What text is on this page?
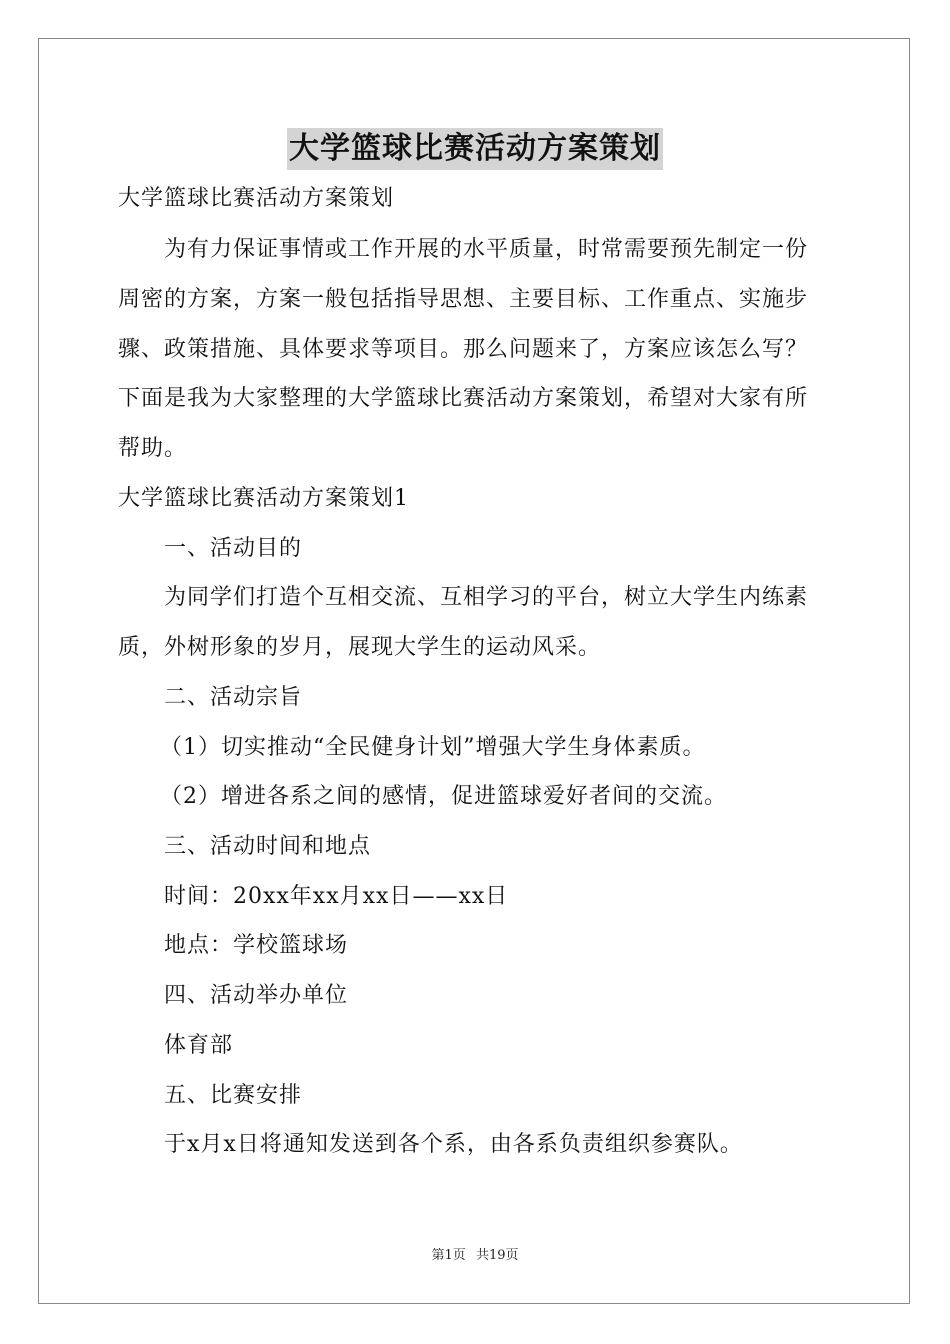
大学篮球比赛活动方案策划
大学篮球比赛活动方案策划
为有力保证事情或工作开展的水平质量，时常需要预先制定一份
周密的方案，方案一般包括指导思想、主要目标、工作重点、实施步
骤、政策措施、具体要求等项目。那么问题来了，方案应该怎么写？
下面是我为大家整理的大学篮球比赛活动方案策划，希望对大家有所
帮助。
大学篮球比赛活动方案策划1
一、活动目的
为同学们打造个互相交流、互相学习的平台，树立大学生内练素
质，外树形象的岁月，展现大学生的运动风采。
二、活动宗旨
（1）切实推动“全民健身计划”增强大学生身体素质。
（2）增进各系之间的感情，促进篮球爱好者间的交流。
三、活动时间和地点
时间：20xx年xx月xx日——xx日
地点：学校篮球场
四、活动举办单位
体育部
五、比赛安排
于x月x日将通知发送到各个系，由各系负责组织参赛队。
第1页 共19页
